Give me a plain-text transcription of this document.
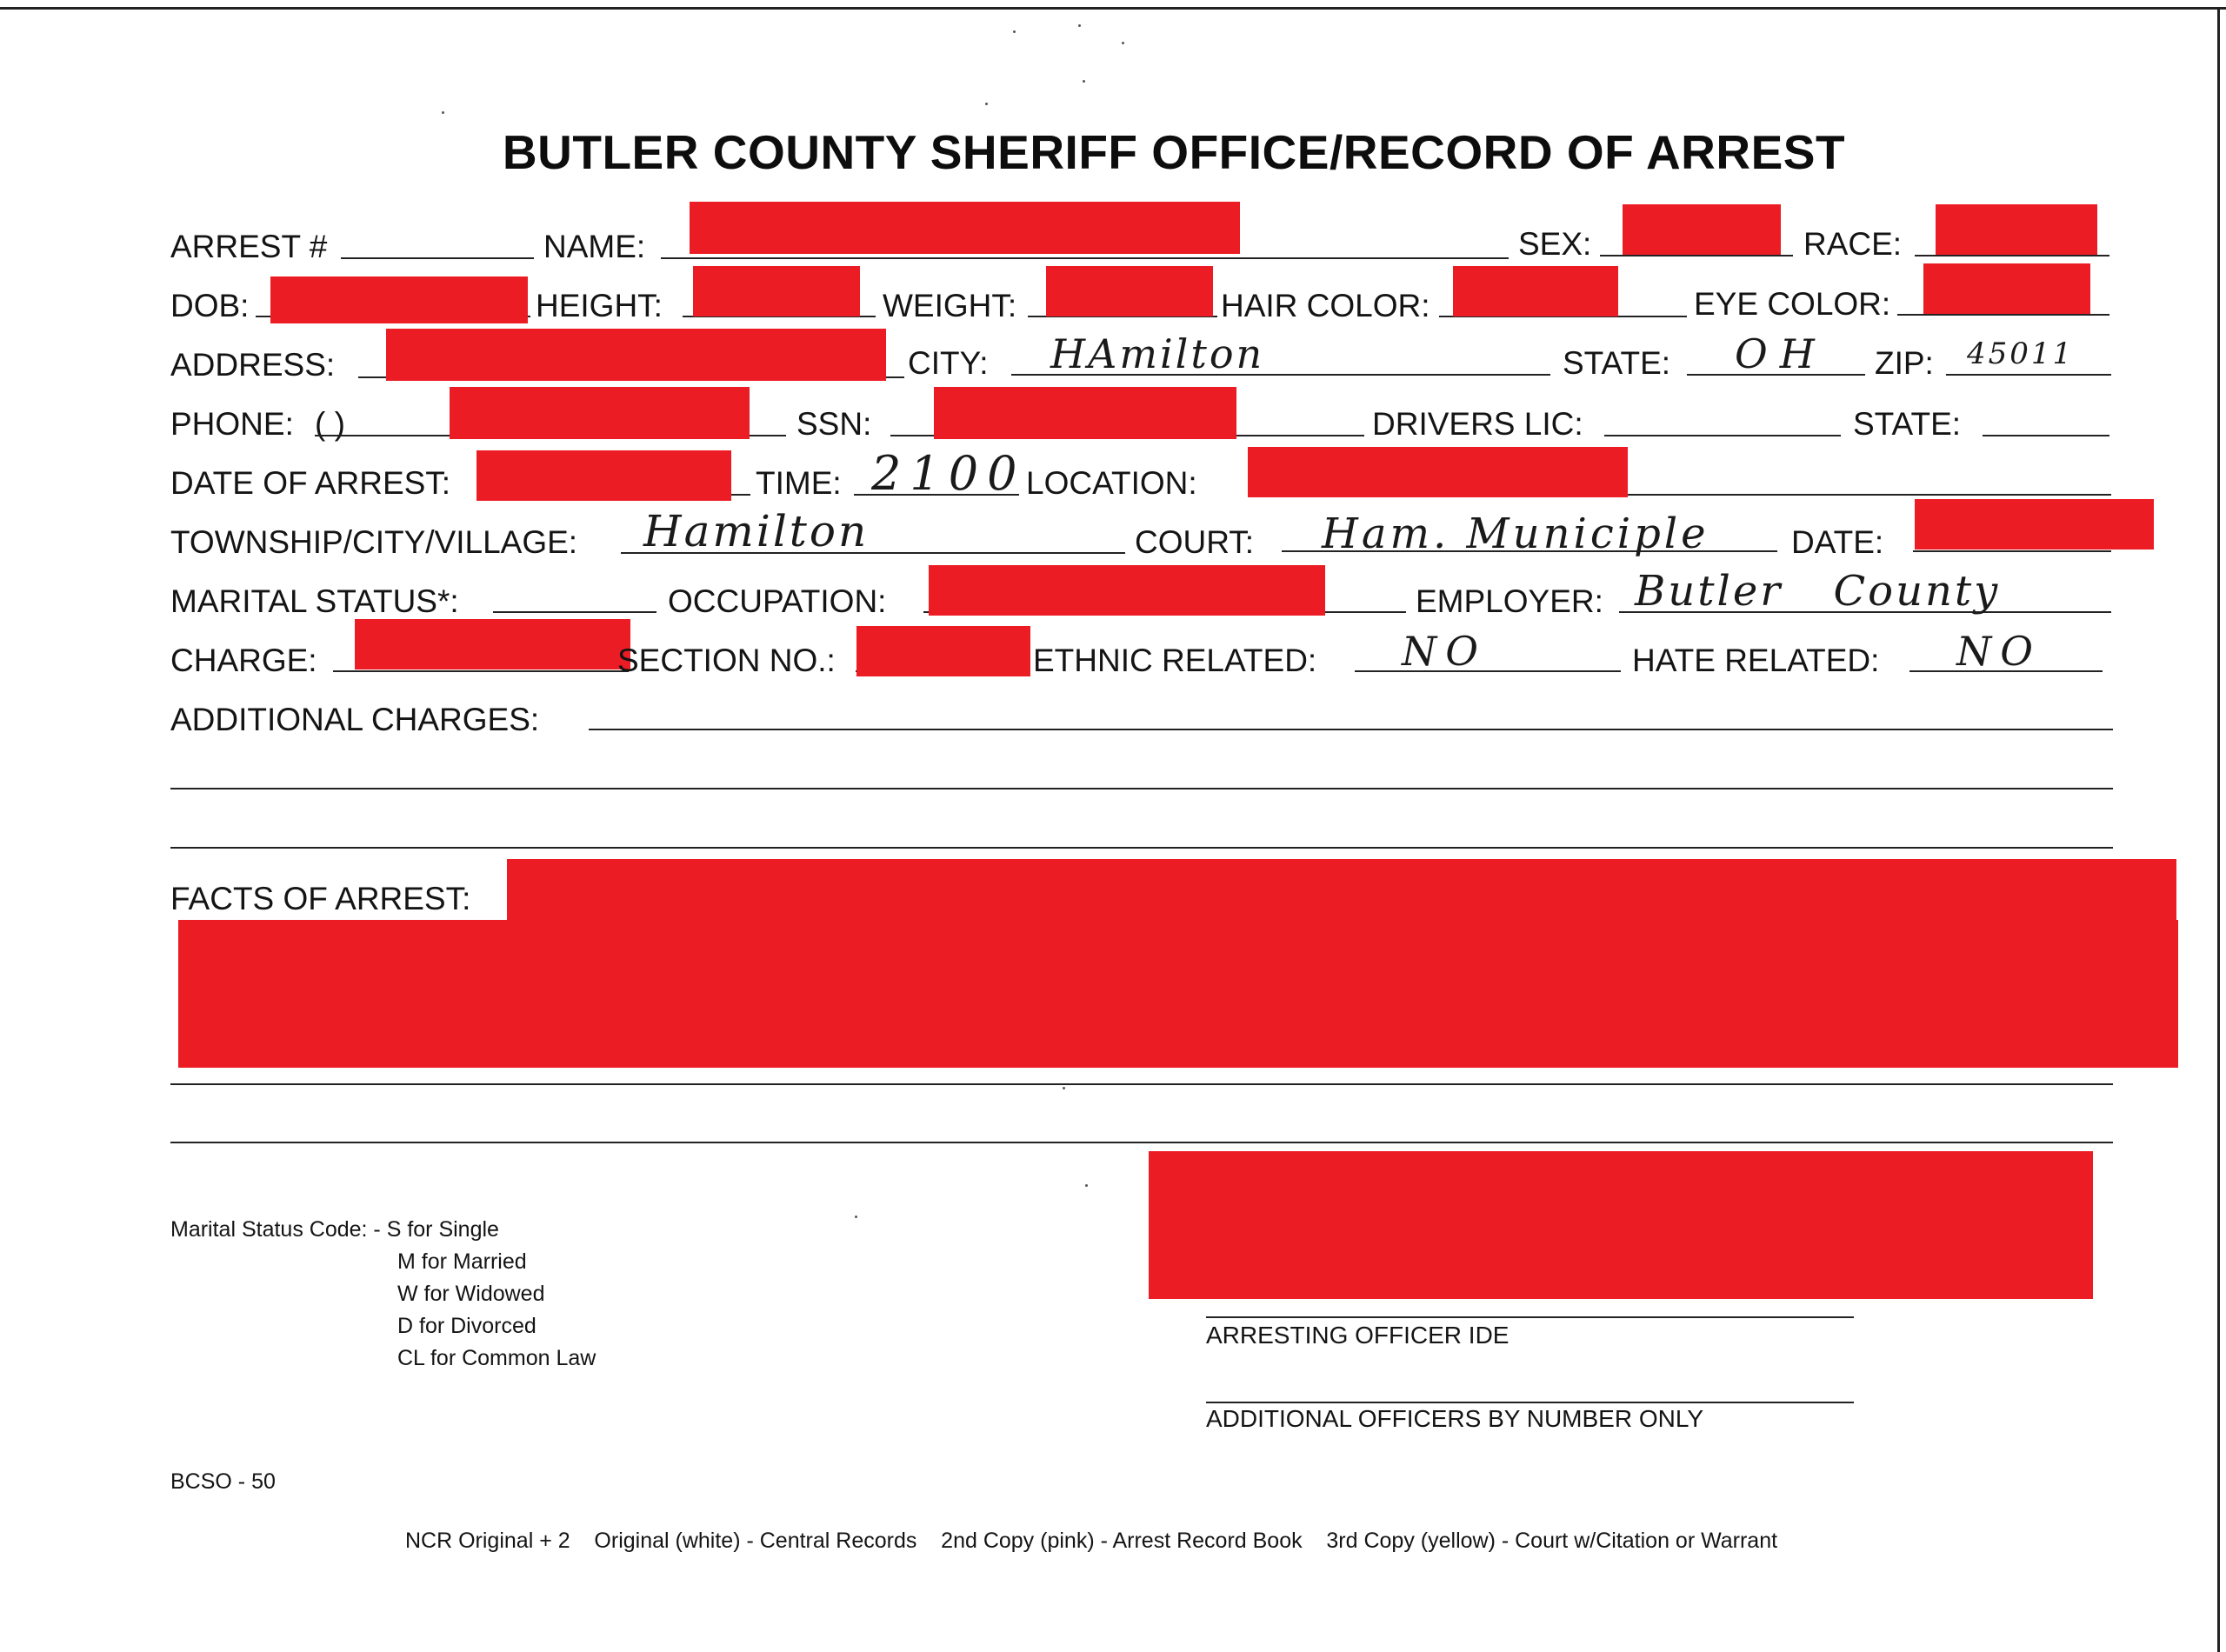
BUTLER COUNTY SHERIFF OFFICE/RECORD OF ARREST
ARREST #	NAME:	SEX:	RACE:
DOB:	HEIGHT:	WEIGHT:	HAIR COLOR:	EYE COLOR:
ADDRESS:	CITY: HAmilton	STATE: OH ZIP: 45011
PHONE: ( )	SSN:	DRIVERS LIC:	STATE:
DATE OF ARREST:	TIME: 2100 LOCATION:
TOWNSHIP/CITY/VILLAGE: Hamilton	COURT: Ham. Municiple	DATE:
MARITAL STATUS*:	OCCUPATION:	EMPLOYER: Butler County
CHARGE:	SECTION NO.:	ETHNIC RELATED: NO	HATE RELATED: NO
ADDITIONAL CHARGES:
FACTS OF ARREST:
ARRESTING OFFICER IDE
ADDITIONAL OFFICERS BY NUMBER ONLY
Marital Status Code: - S for Single
M for Married
W for Widowed
D for Divorced
CL for Common Law
BCSO - 50
NCR Original + 2    Original (white) - Central Records    2nd Copy (pink) - Arrest Record Book    3rd Copy (yellow) - Court w/Citation or Warrant
